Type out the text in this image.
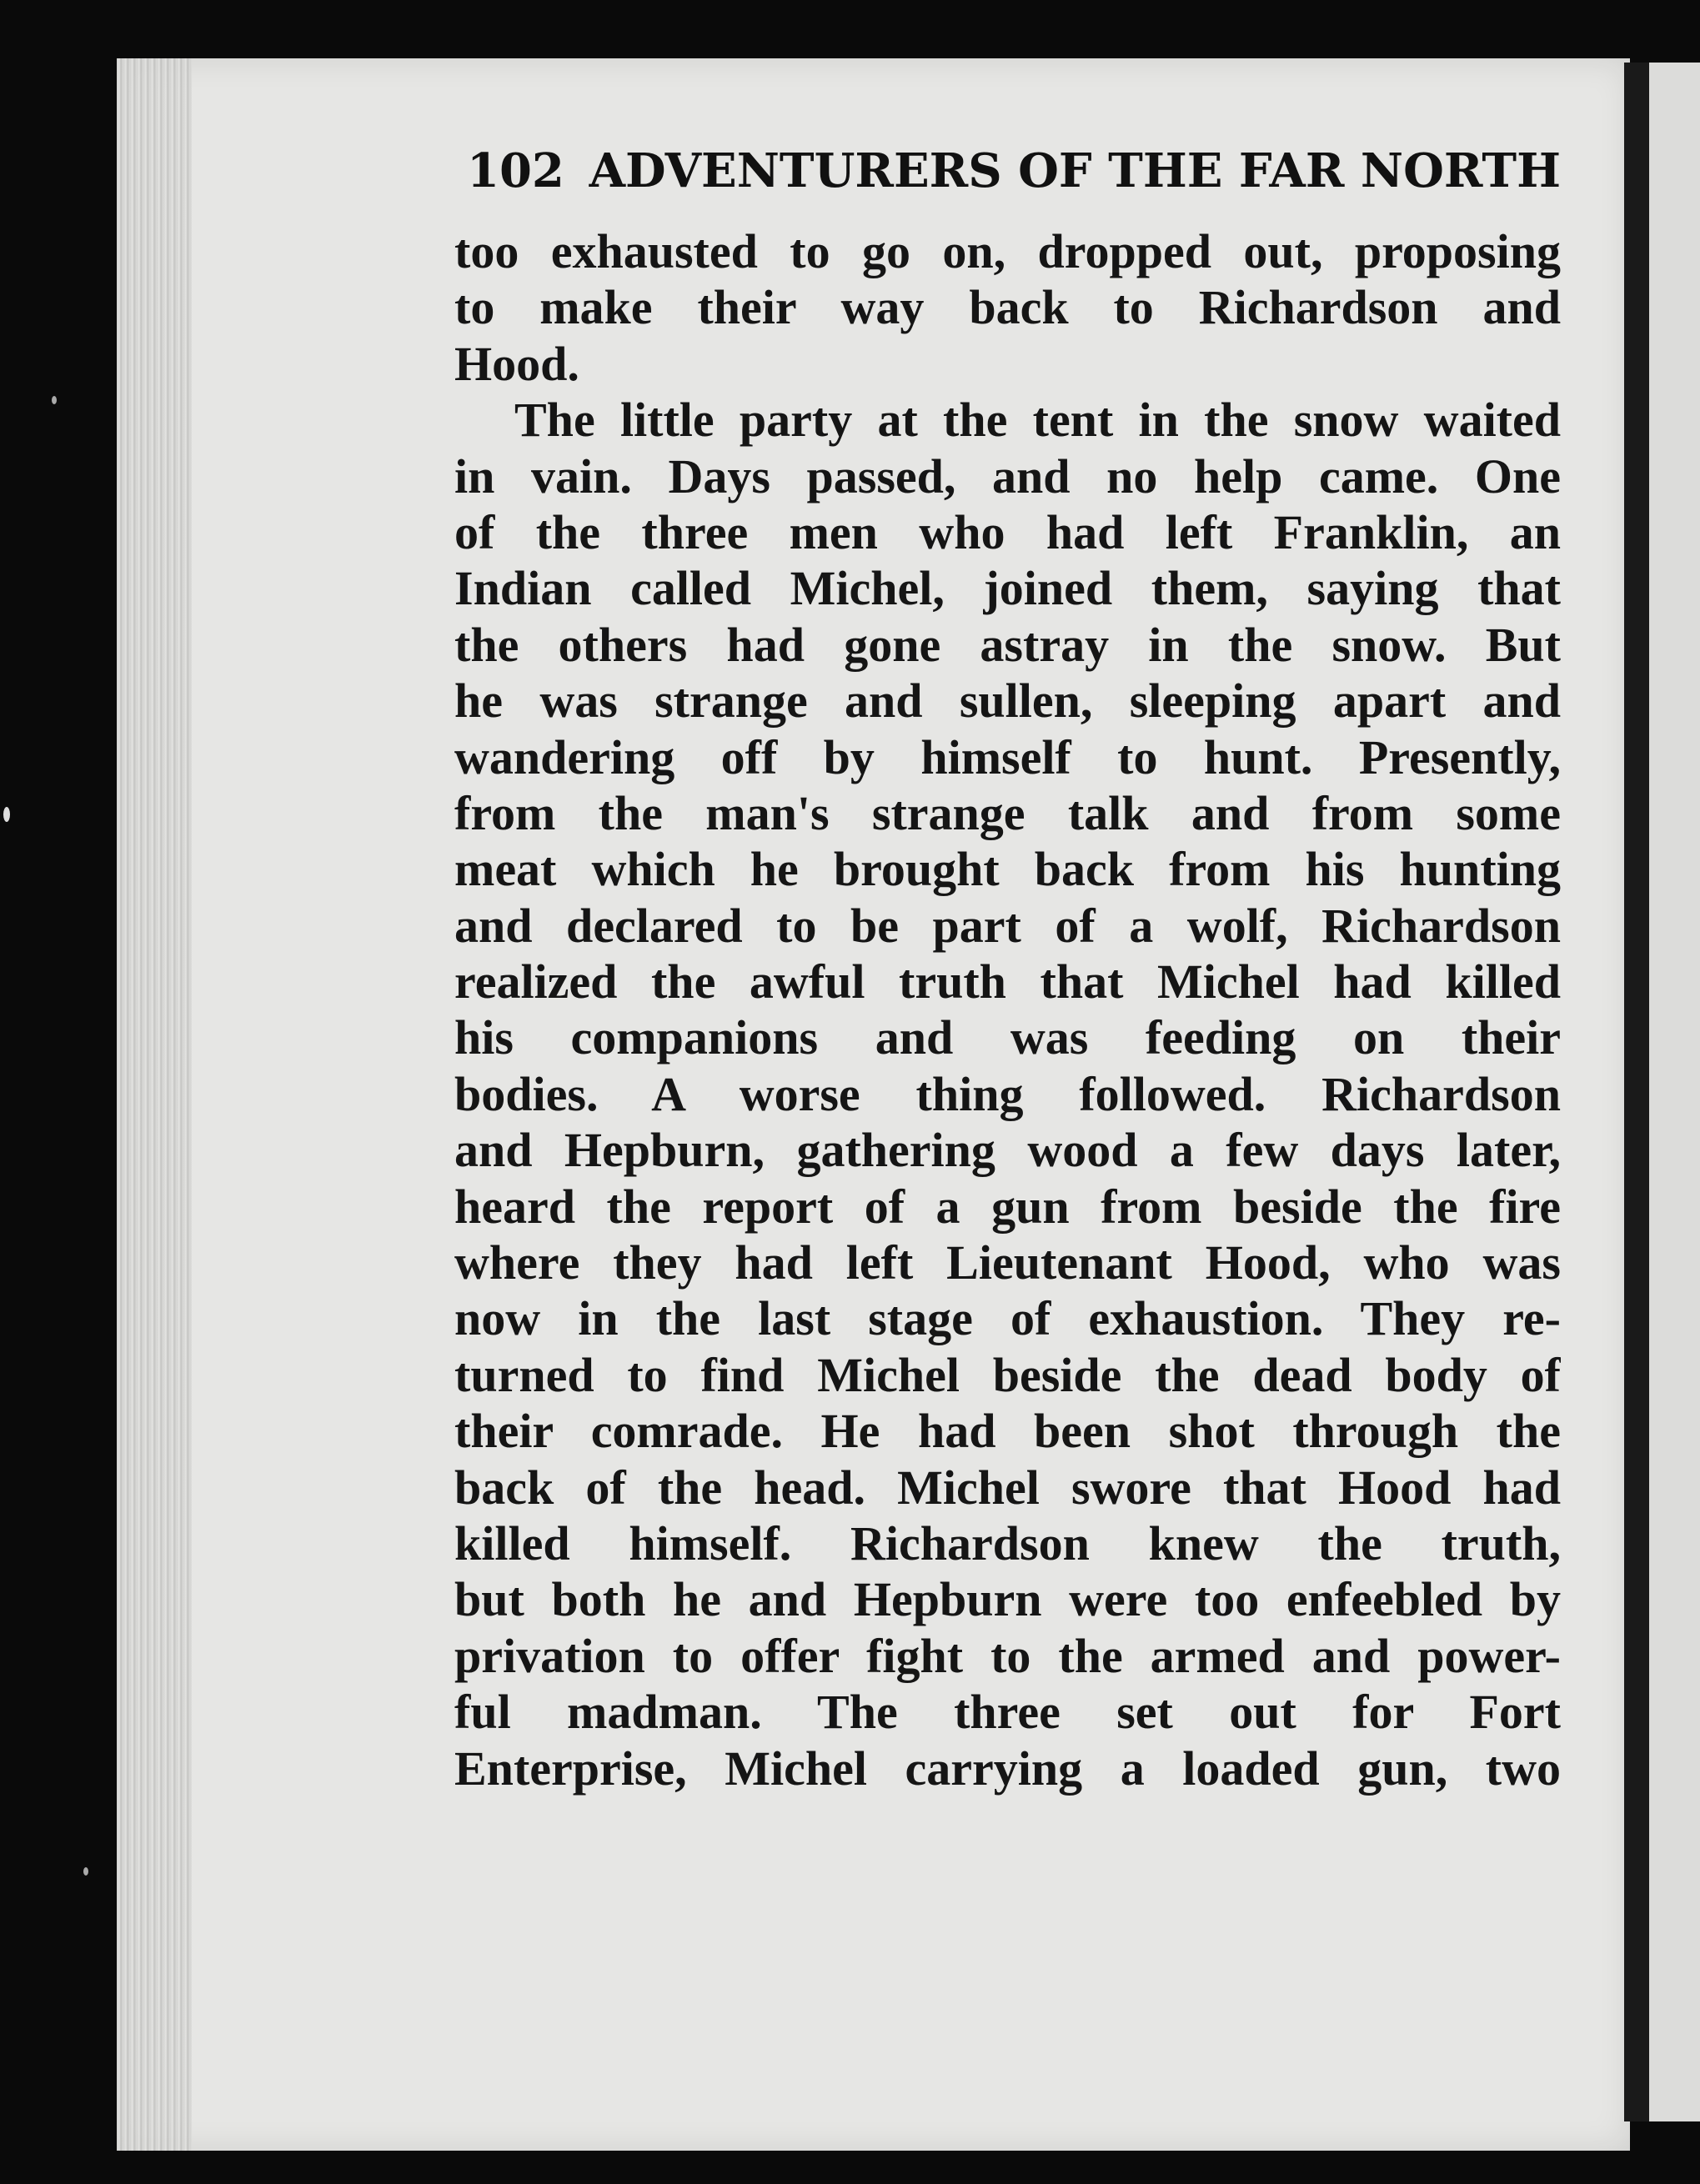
102 ADVENTURERS OF THE FAR NORTH
too exhausted to go on, dropped out, proposing
to make their way back to Richardson and
Hood.
The little party at the tent in the snow waited
in vain. Days passed, and no help came. One
of the three men who had left Franklin, an
Indian called Michel, joined them, saying that
the others had gone astray in the snow. But
he was strange and sullen, sleeping apart and
wandering off by himself to hunt. Presently,
from the man's strange talk and from some
meat which he brought back from his hunting
and declared to be part of a wolf, Richardson
realized the awful truth that Michel had killed
his companions and was feeding on their
bodies. A worse thing followed. Richardson
and Hepburn, gathering wood a few days later,
heard the report of a gun from beside the fire
where they had left Lieutenant Hood, who was
now in the last stage of exhaustion. They re-
turned to find Michel beside the dead body of
their comrade. He had been shot through the
back of the head. Michel swore that Hood had
killed himself. Richardson knew the truth,
but both he and Hepburn were too enfeebled by
privation to offer fight to the armed and power-
ful madman. The three set out for Fort
Enterprise, Michel carrying a loaded gun, two
